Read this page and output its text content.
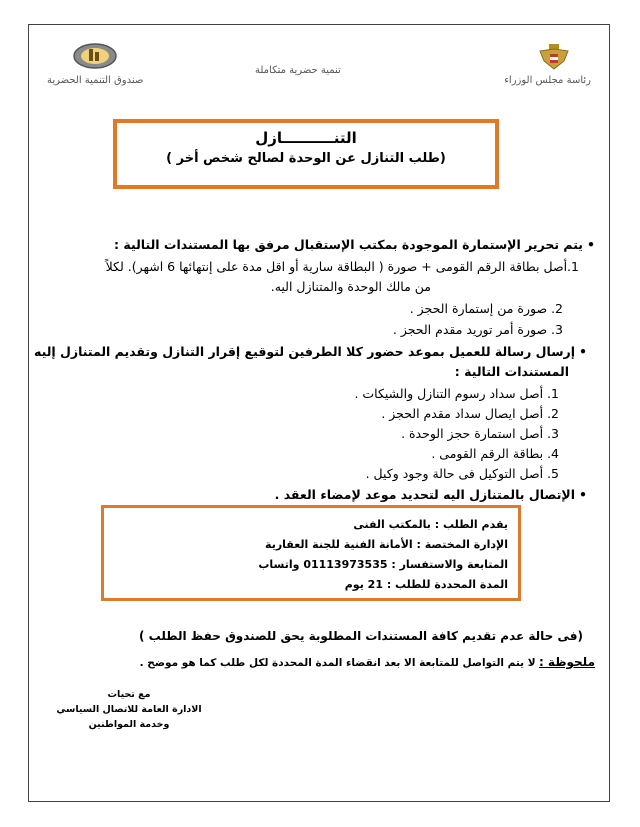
رئاسة مجلس الوزراء
تنمية حضرية متكاملة
صندوق التنمية الحضرية
التنــــــــــازل
(طلب التنازل عن الوحدة لصالح شخص أخر )
• يتم تحرير الإستمارة الموجودة بمكتب الإستقبال مرفق بها المستندات التالية :
1.أصل بطاقة الرقم القومى + صورة ( البطاقة سارية أو اقل مدة على إنتهائها 6 اشهر). لكلاً
من مالك الوحدة والمتنازل اليه.
2. صورة من إستمارة الحجز .
3. صورة أمر توريد مقدم الحجز .
• إرسال رسالة للعميل بموعد حضور كلا الطرفين لتوقيع إقرار التنازل وتقديم المتنازل إليه
المستندات التالية :
1. أصل سداد رسوم التنازل والشيكات .
2. أصل ايصال سداد مقدم الحجز .
3. أصل استمارة حجز الوحدة .
4. بطاقة الرقم القومى .
5. أصل التوكيل فى حالة وجود وكيل .
• الإتصال بالمتنازل اليه لتحديد موعد لإمضاء العقد .
يقدم الطلب : بالمكتب الفنى
الإدارة المختصة : الأمانة الفنية للجنة العقارية
المتابعة والاستفسار : 01113973535 واتساب
المدة المحددة للطلب : 21 يوم
(فى حالة عدم تقديم كافة المستندات المطلوبة يحق للصندوق حفظ الطلب )
ملحوظة : لا يتم التواصل للمتابعة الا بعد انقضاء المدة المحددة لكل طلب كما هو موضح .
مع تحيات
الادارة العامة للاتصال السياسي
وخدمة المواطنين
